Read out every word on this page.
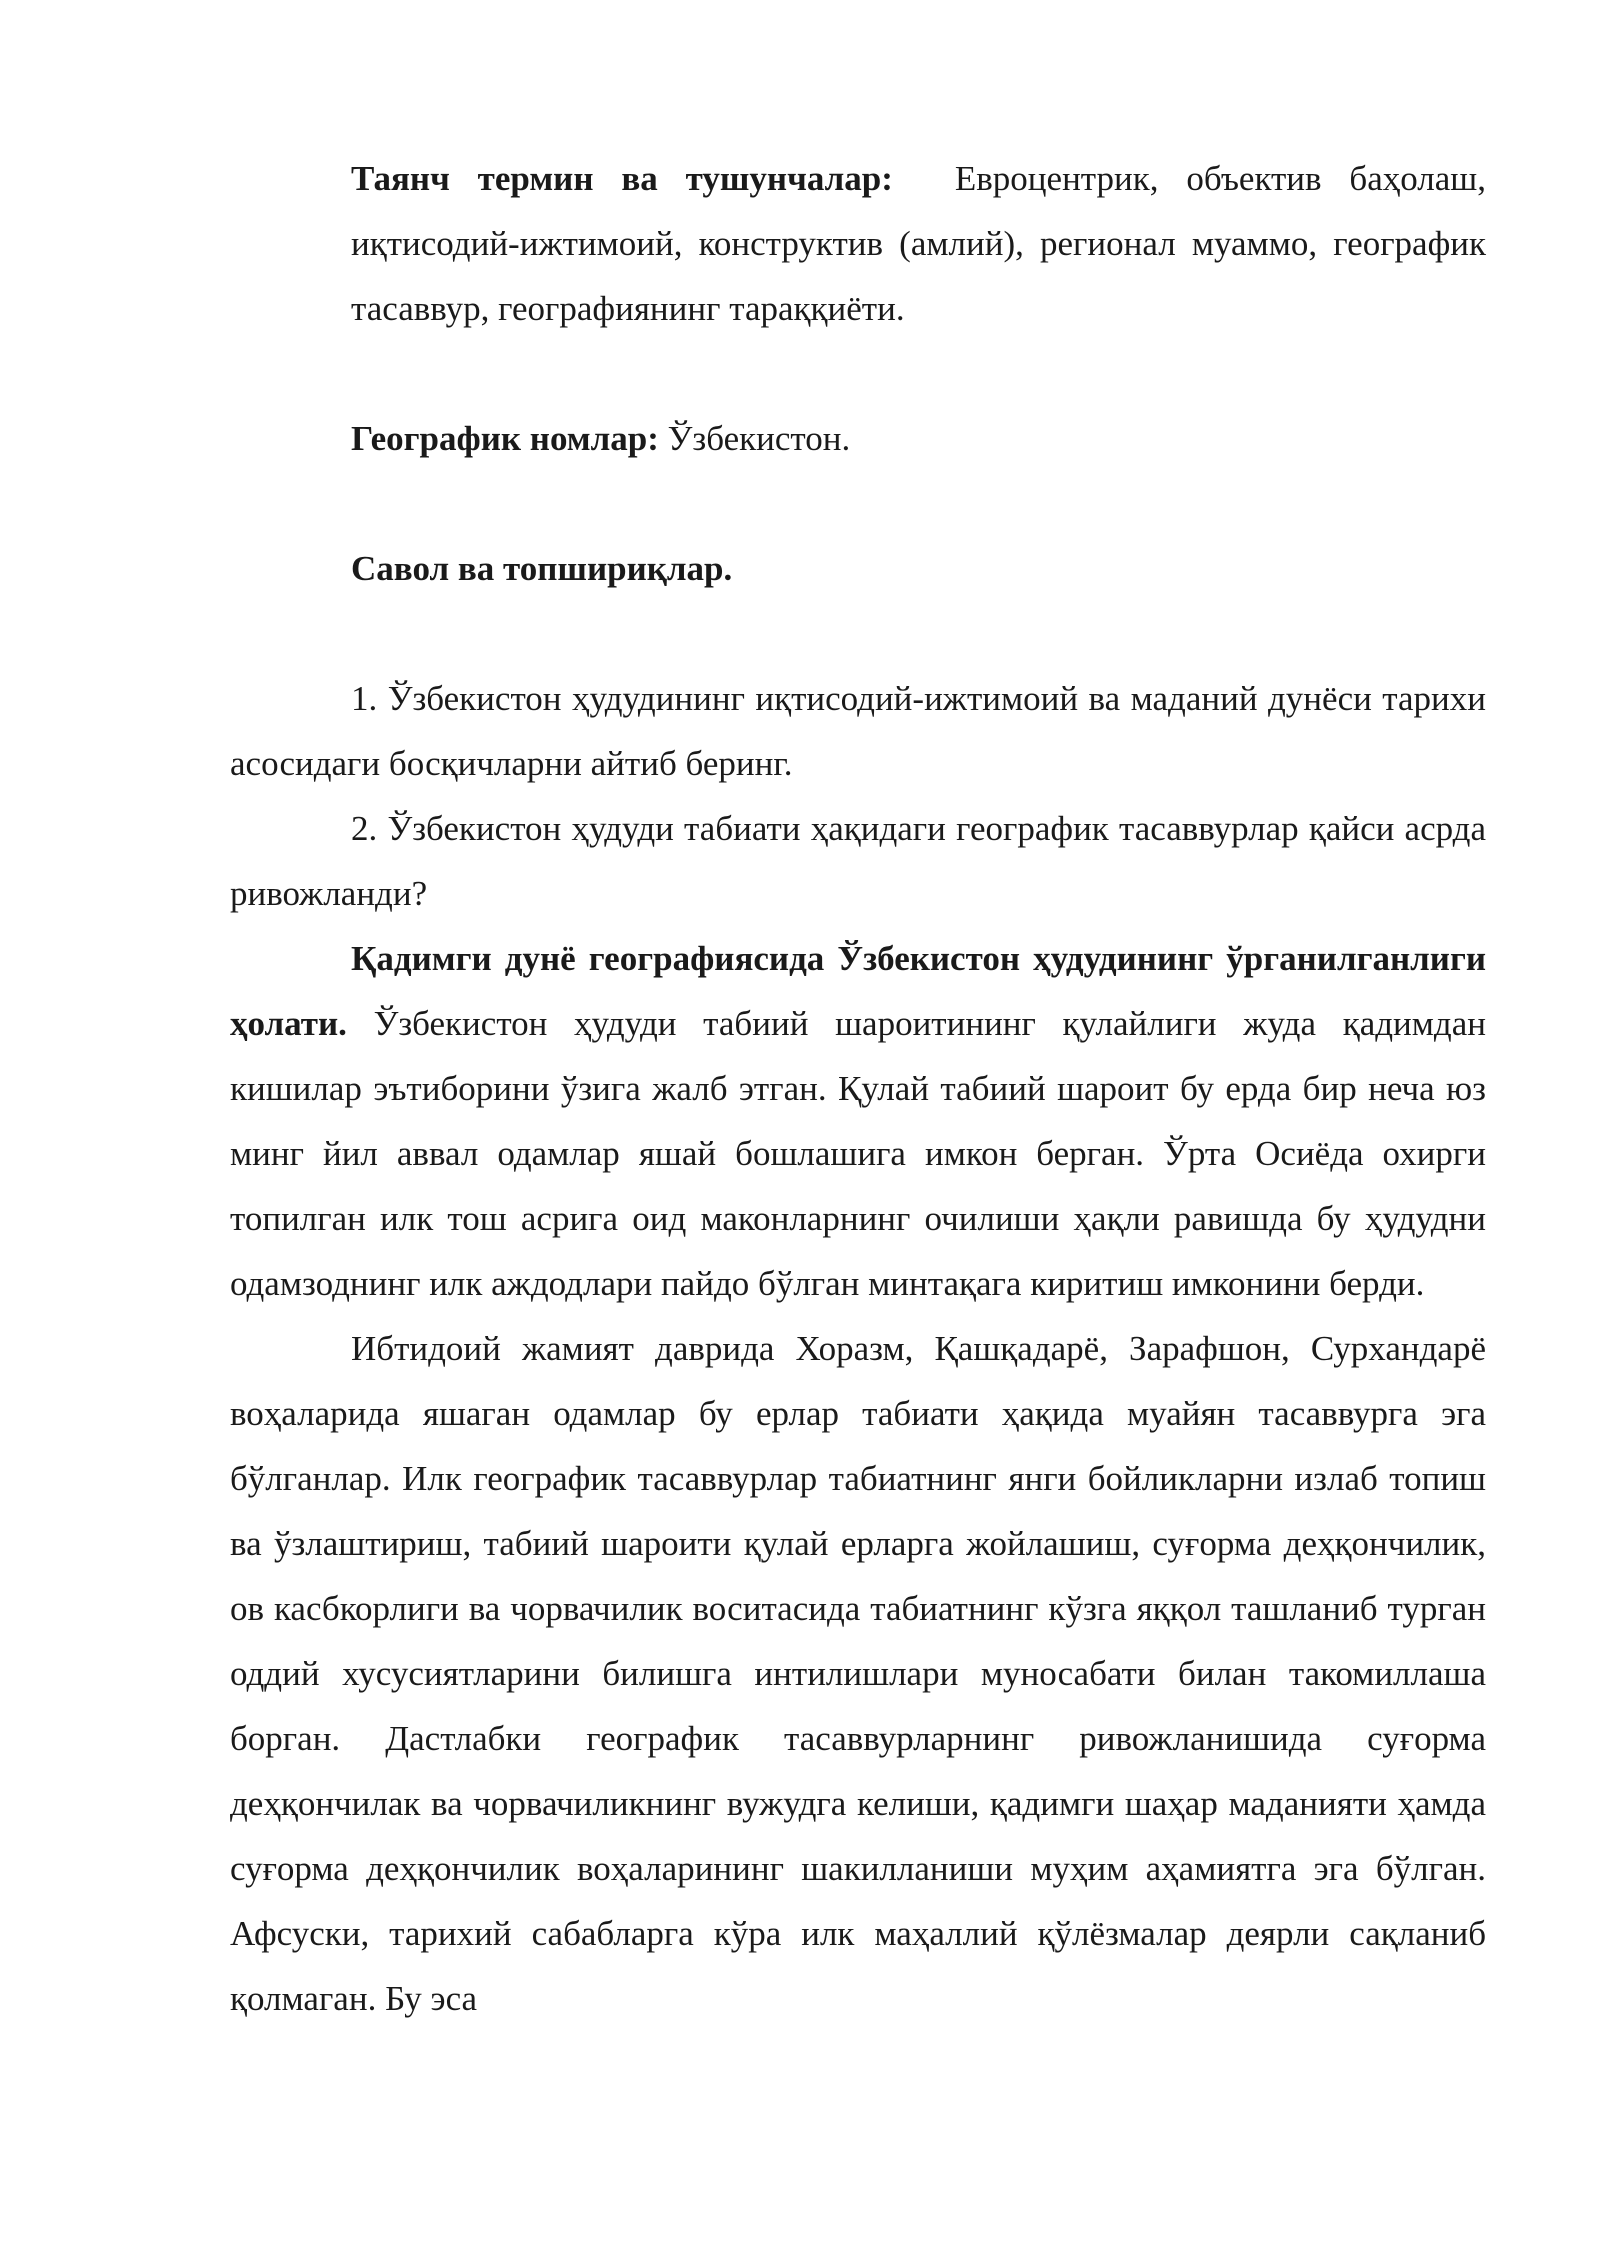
Таянч термин ва тушунчалар: Евроцентрик, объектив баҳолаш, иқтисодий-ижтимоий, конструктив (амлий), регионал муаммо, географик тасаввур, географиянинг тараққиёти.

Географик номлар: Ўзбекистон.

Савол ва топшириқлар.

1. Ўзбекистон ҳудудининг иқтисодий-ижтимоий ва маданий дунёси тарихи асосидаги босқичларни айтиб беринг.

2. Ўзбекистон ҳудуди табиати ҳақидаги географик тасаввурлар қайси асрда ривожланди?

Қадимги дунё географиясида Ўзбекистон ҳудудининг ўрганилганлиги ҳолати. Ўзбекистон ҳудуди табиий шароитининг қулайлиги жуда қадимдан кишилар эътиборини ўзига жалб этган. Қулай табиий шароит бу ерда бир неча юз минг йил аввал одамлар яшай бошлашига имкон берган. Ўрта Осиёда охирги топилган илк тош асрига оид маконларнинг очилиши ҳақли равишда бу ҳудудни одамзоднинг илк аждодлари пайдо бўлган минтақага киритиш имконини берди.

Ибтидоий жамият даврида Хоразм, Қашқадарё, Зарафшон, Сурхандарё воҳаларида яшаган одамлар бу ерлар табиати ҳақида муайян тасаввурга эга бўлганлар. Илк географик тасаввурлар табиатнинг янги бойликларни излаб топиш ва ўзлаштириш, табиий шароити қулай ерларга жойлашиш, суғорма деҳқончилик, ов касбкорлиги ва чорвачилик воситасида табиатнинг кўзга яққол ташланиб турган оддий хусусиятларини билишга интилишлари муносабати билан такомиллаша борган. Дастлабки географик тасаввурларнинг ривожланишида суғорма деҳқончилак ва чорвачиликнинг вужудга келиши, қадимги шаҳар маданияти ҳамда суғорма деҳқончилик воҳаларининг шакилланиши муҳим аҳамиятга эга бўлган. Афсуски, тарихий сабабларга кўра илк маҳаллий қўлёзмалар деярли сақланиб қолмаган. Бу эса
